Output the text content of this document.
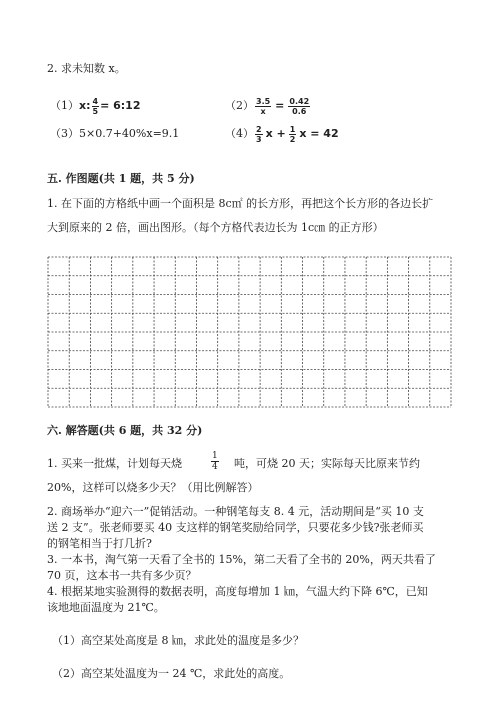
2. 求未知数 x。
（1） x: $\frac{4}{5}$ = 6:12	$(2) \frac{3.5}{x} = \frac{0.42}{0.6}$
（3）5×0.7+40%x=9.1	$(4) \frac{2}{3}$ $x + \frac{1}{2}$ x = 42
五. 作图题(共 1 题，共 5 分)
1. 在下面的方格纸中画一个面积是 8c㎡ 的长方形，再把这个长方形的各边长扩
大到原来的 2 倍，画出图形。（每个方格代表边长为 1c㎝ 的正方形）
六. 解答题(共 6 题，共 32 分)
1. 买来一批煤，计划每天烧	$\frac{1}{4}$ 吨，可烧 20 天；实际每天比原来节约
20%，这样可以烧多少天？（用比例解答）
2. 商场举办“迎六一”促销活动。一种钢笔每支 8. 4 元，活动期间是“买 10 支
送 2 支”。张老师要买 40 支这样的钢笔奖励给同学，只要花多少钱?张老师买
的钢笔相当于打几折?
3. 一本书，淘气第一天看了全书的 15%，第二天看了全书的 20%，两天共看了
70 页，这本书一共有多少页？
4. 根据某地实验测得的数据表明，高度每增加 1 ㎞，气温大约下降 6℃，已知
该地地面温度为 21℃。
（1）高空某处高度是 8 ㎞，求此处的温度是多少？
（2）高空某处温度为一 24 ℃，求此处的高度。
